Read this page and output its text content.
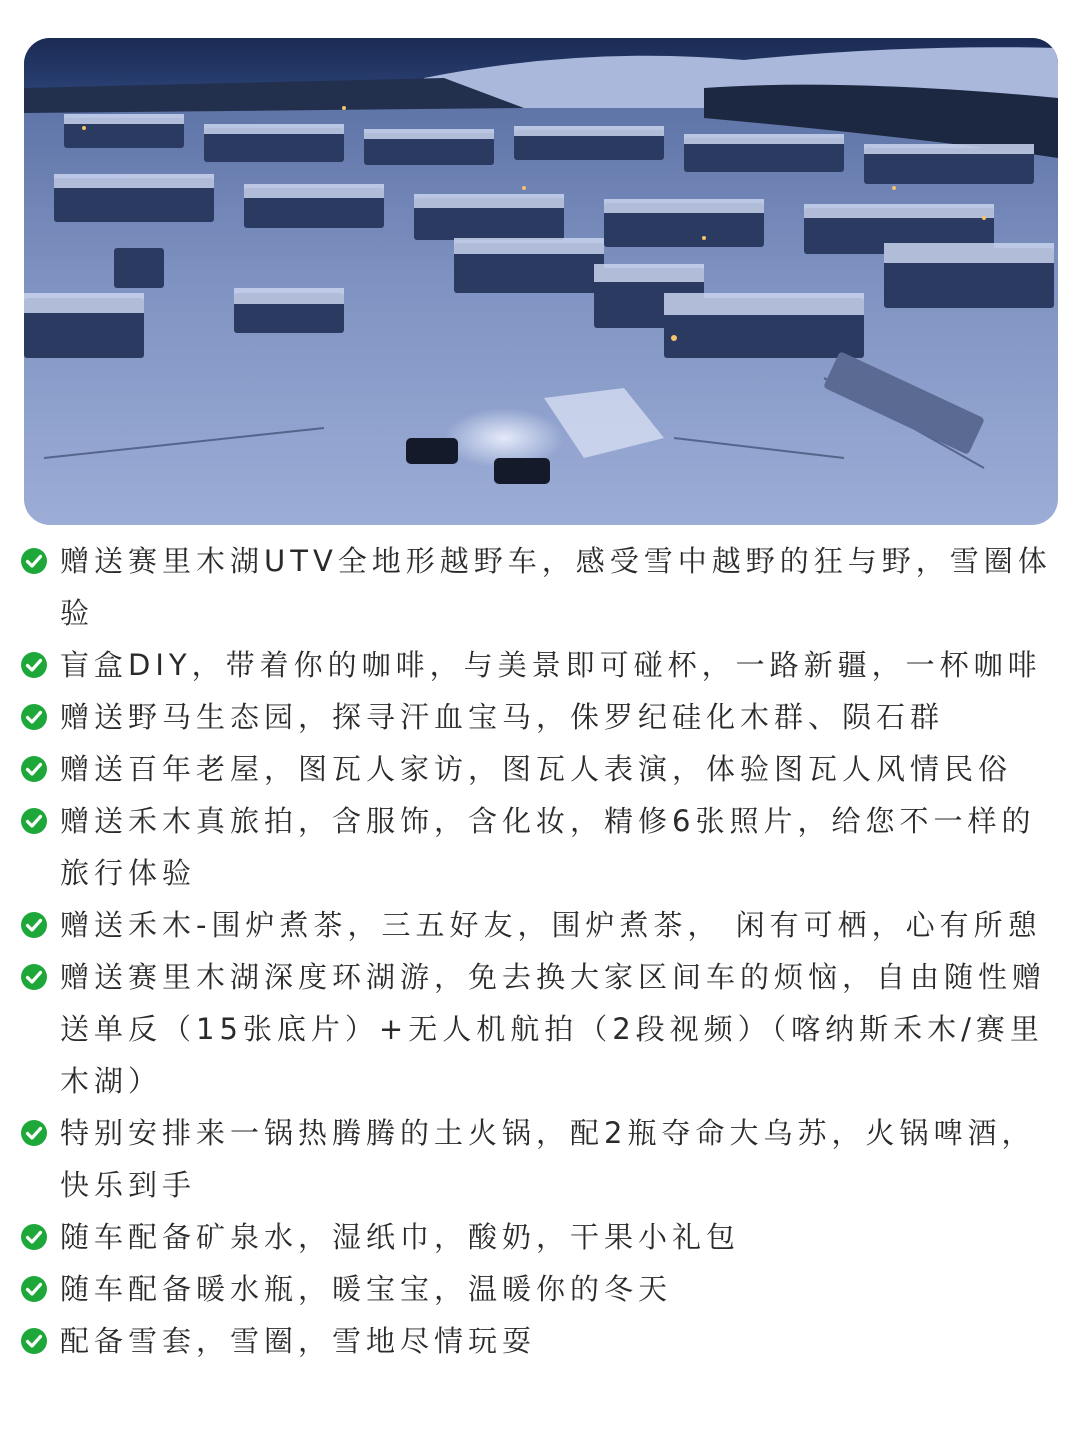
赠送赛里木湖UTV全地形越野车，感受雪中越野的狂与野，雪圈体验
盲盒DIY，带着你的咖啡，与美景即可碰杯，一路新疆，一杯咖啡
赠送野马生态园，探寻汗血宝马，侏罗纪硅化木群、陨石群
赠送百年老屋，图瓦人家访，图瓦人表演，体验图瓦人风情民俗
赠送禾木真旅拍，含服饰，含化妆，精修6张照片，给您不一样的旅行体验
赠送禾木-围炉煮茶，三五好友，围炉煮茶， 闲有可栖，心有所憩
赠送赛里木湖深度环湖游，免去换大家区间车的烦恼，自由随性赠送单反（15张底片）+无人机航拍（2段视频）（喀纳斯禾木/赛里木湖）
特别安排来一锅热腾腾的土火锅，配2瓶夺命大乌苏，火锅啤酒，快乐到手
随车配备矿泉水，湿纸巾，酸奶，干果小礼包
随车配备暖水瓶，暖宝宝，温暖你的冬天
配备雪套，雪圈，雪地尽情玩耍
